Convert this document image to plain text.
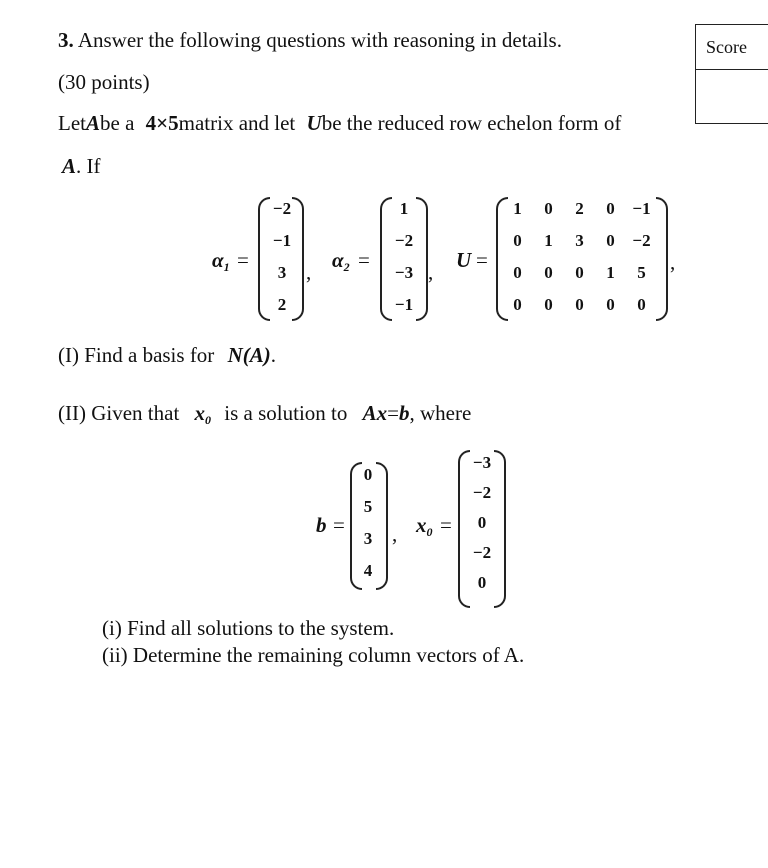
Score
3. Answer the following questions with reasoning in details.
(30 points)
LetAbe a 4×5matrix and let Ube the reduced row echelon form of
A. If
$\alpha_1$ =
−2
−1
3
2
, $\alpha_2$ =
1
−2
−3
−1
, U =
1	0	2	0	−1
0	1	3	0	−2
0	0	0	1	5
0	0	0	0	0
,
(I) Find a basis for N(A).
(II) Given that $x_0$ is a solution to Ax=b, where
b =
0
5
3
4
, $x_0$ =
−3
−2
0
−2
0
(i) Find all solutions to the system.
(ii) Determine the remaining column vectors of A.
